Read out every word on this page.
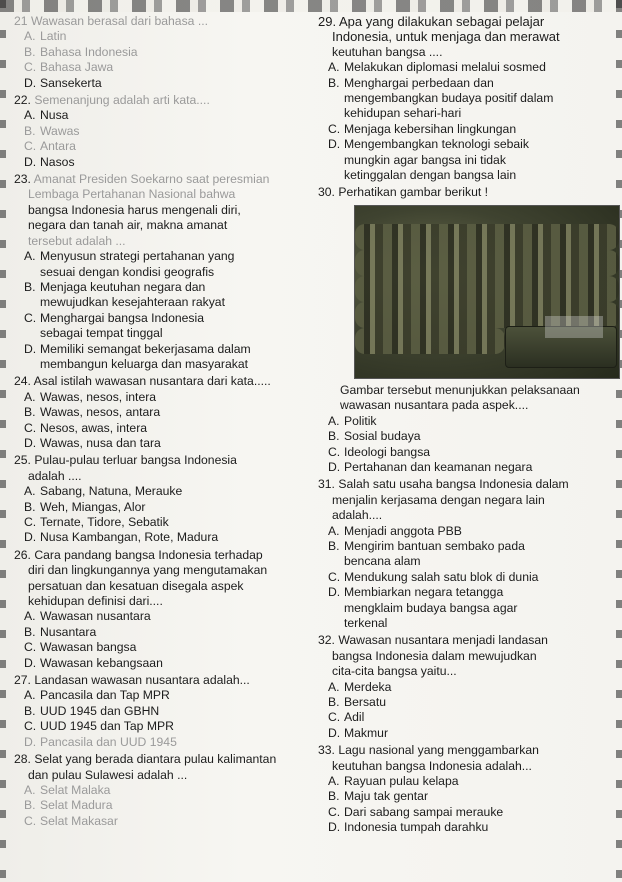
21 Wawasan berasal dari bahasa ...
A. Latin
B. Bahasa Indonesia
C. Bahasa Jawa
D. Sansekerta
22. Semenanjung adalah arti kata....
A. Nusa
B. Wawas
C. Antara
D. Nasos
23. Amanat Presiden Soekarno saat peresmian
Lembaga Pertahanan Nasional bahwa
bangsa Indonesia harus mengenali diri,
negara dan tanah air, makna amanat
tersebut adalah ...
A. Menyusun strategi pertahanan yang
sesuai dengan kondisi geografis
B. Menjaga keutuhan negara dan
mewujudkan kesejahteraan rakyat
C. Menghargai bangsa Indonesia
sebagai tempat tinggal
D. Memiliki semangat bekerjasama dalam
membangun keluarga dan masyarakat
24. Asal istilah wawasan nusantara dari kata.....
A. Wawas, nesos, intera
B. Wawas, nesos, antara
C. Nesos, awas, intera
D. Wawas, nusa dan tara
25. Pulau-pulau terluar bangsa Indonesia
adalah ....
A. Sabang, Natuna, Merauke
B. Weh, Miangas, Alor
C. Ternate, Tidore, Sebatik
D. Nusa Kambangan, Rote, Madura
26. Cara pandang bangsa Indonesia terhadap
diri dan lingkungannya yang mengutamakan
persatuan dan kesatuan disegala aspek
kehidupan definisi dari....
A. Wawasan nusantara
B. Nusantara
C. Wawasan bangsa
D. Wawasan kebangsaan
27. Landasan wawasan nusantara adalah...
A. Pancasila dan Tap MPR
B. UUD 1945 dan GBHN
C. UUD 1945 dan Tap MPR
D. Pancasila dan UUD 1945
28. Selat yang berada diantara pulau kalimantan
dan pulau Sulawesi adalah ...
A. Selat Malaka
B. Selat Madura
C. Selat Makasar
29. Apa yang dilakukan sebagai pelajar
Indonesia, untuk menjaga dan merawat
keutuhan bangsa ....
A. Melakukan diplomasi melalui sosmed
B. Menghargai perbedaan dan
mengembangkan budaya positif dalam
kehidupan sehari-hari
C. Menjaga kebersihan lingkungan
D. Mengembangkan teknologi sebaik
mungkin agar bangsa ini tidak
ketinggalan dengan bangsa lain
30. Perhatikan gambar berikut !
Gambar tersebut menunjukkan pelaksanaan
wawasan nusantara pada aspek....
A. Politik
B. Sosial budaya
C. Ideologi bangsa
D. Pertahanan dan keamanan negara
31. Salah satu usaha bangsa Indonesia dalam
menjalin kerjasama dengan negara lain
adalah....
A. Menjadi anggota PBB
B. Mengirim bantuan sembako pada
bencana alam
C. Mendukung salah satu blok di dunia
D. Membiarkan negara tetangga
mengklaim budaya bangsa agar
terkenal
32. Wawasan nusantara menjadi landasan
bangsa Indonesia dalam mewujudkan
cita-cita bangsa yaitu...
A. Merdeka
B. Bersatu
C. Adil
D. Makmur
33. Lagu nasional yang menggambarkan
keutuhan bangsa Indonesia adalah...
A. Rayuan pulau kelapa
B. Maju tak gentar
C. Dari sabang sampai merauke
D. Indonesia tumpah darahku
